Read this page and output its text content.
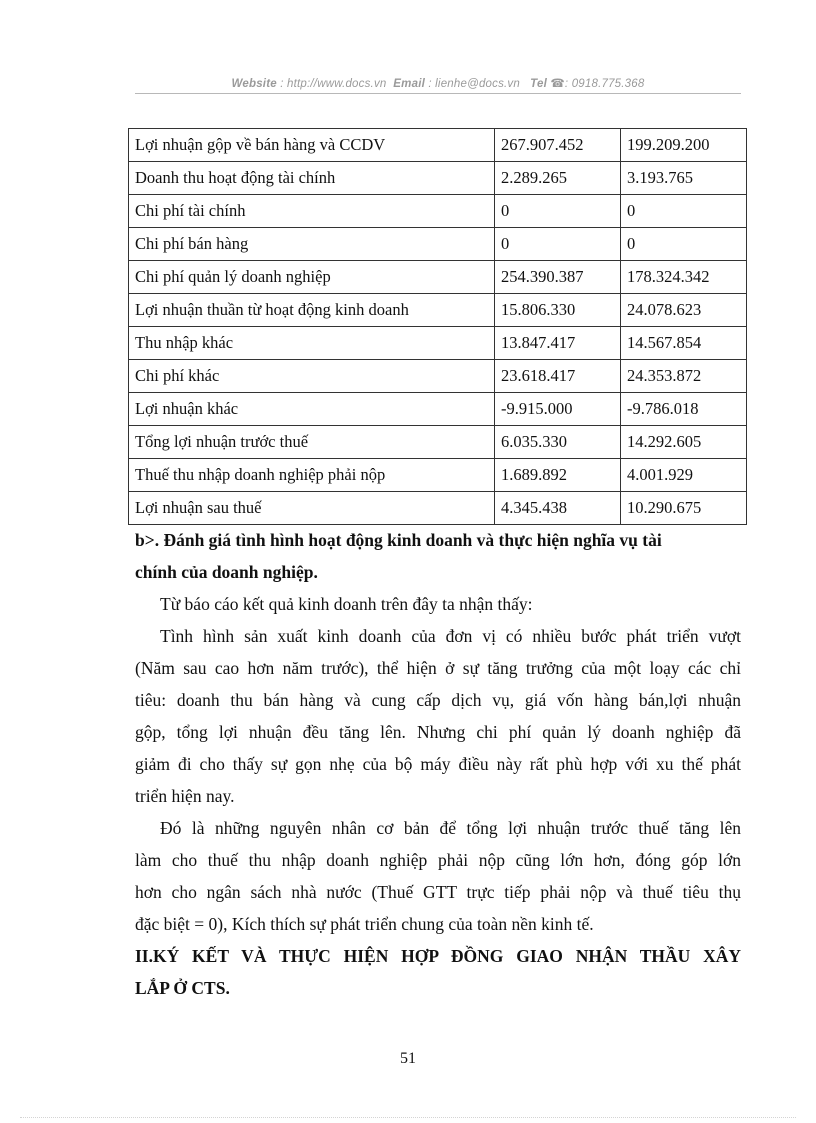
Website : http://www.docs.vn Email : lienhe@docs.vn Tel ☎: 0918.775.368
Lợi nhuận gộp về bán hàng và CCDV	267.907.452	199.209.200
Doanh thu hoạt động tài chính	2.289.265	3.193.765
Chi phí tài chính	0	0
Chi phí bán hàng	0	0
Chi phí quản lý doanh nghiệp	254.390.387	178.324.342
Lợi nhuận thuần từ hoạt động kinh doanh	15.806.330	24.078.623
Thu nhập khác	13.847.417	14.567.854
Chi phí khác	23.618.417	24.353.872
Lợi nhuận khác	-9.915.000	-9.786.018
Tổng lợi nhuận trước thuế	6.035.330	14.292.605
Thuế thu nhập doanh nghiệp phải nộp	1.689.892	4.001.929
Lợi nhuận sau thuế	4.345.438	10.290.675
b>. Đánh giá tình hình hoạt động kinh doanh và thực hiện nghĩa vụ tài
chính của doanh nghiệp.
Từ báo cáo kết quả kinh doanh trên đây ta nhận thấy:
Tình hình sản xuất kinh doanh của đơn vị có nhiều bước phát triển vượt
(Năm sau cao hơn năm trước), thể hiện ở sự tăng trưởng của một loạy các chỉ
tiêu: doanh thu bán hàng và cung cấp dịch vụ, giá vốn hàng bán,lợi nhuận
gộp, tổng lợi nhuận đều tăng lên. Nhưng chi phí quản lý doanh nghiệp đã
giảm đi cho thấy sự gọn nhẹ của bộ máy điều này rất phù hợp với xu thế phát
triển hiện nay.
Đó là những nguyên nhân cơ bản để tổng lợi nhuận trước thuế tăng lên
làm cho thuế thu nhập doanh nghiệp phải nộp cũng lớn hơn, đóng góp lớn
hơn cho ngân sách nhà nước (Thuế GTT trực tiếp phải nộp và thuế tiêu thụ
đặc biệt = 0), Kích thích sự phát triển chung của toàn nền kinh tế.
II.KÝ KẾT VÀ THỰC HIỆN HỢP ĐỒNG GIAO NHẬN THẦU XÂY
LẮP Ở CTS.
51
